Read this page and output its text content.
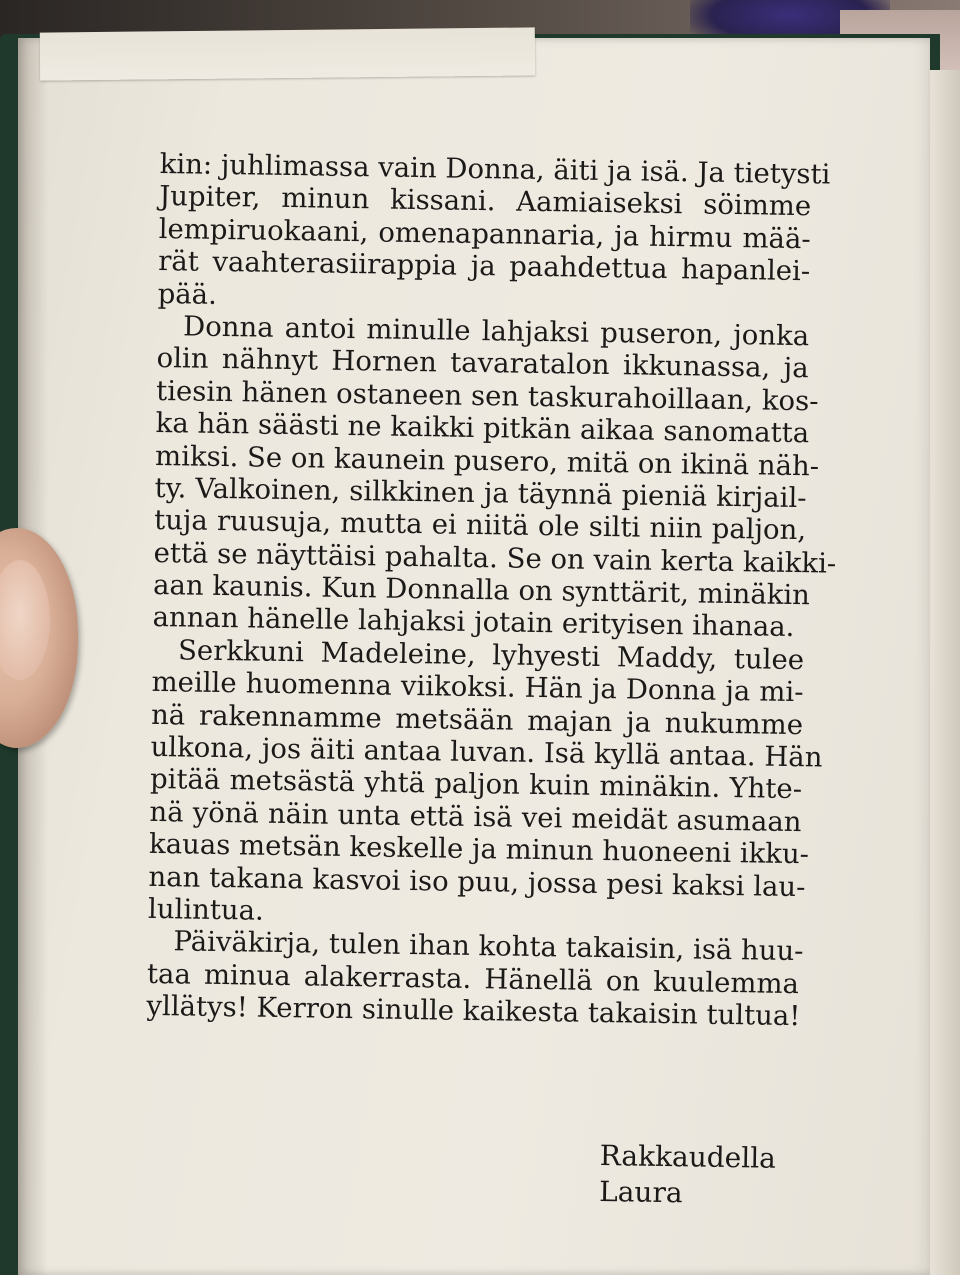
kin: juhlimassa vain Donna, äiti ja isä. Ja tietysti
Jupiter, minun kissani. Aamiaiseksi söimme
lempiruokaani, omenapannaria, ja hirmu mää-
rät vaahterasiirappia ja paahdettua hapanlei-
pää.
Donna antoi minulle lahjaksi puseron, jonka
olin nähnyt Hornen tavaratalon ikkunassa, ja
tiesin hänen ostaneen sen taskurahoillaan, kos-
ka hän säästi ne kaikki pitkän aikaa sanomatta
miksi. Se on kaunein pusero, mitä on ikinä näh-
ty. Valkoinen, silkkinen ja täynnä pieniä kirjail-
tuja ruusuja, mutta ei niitä ole silti niin paljon,
että se näyttäisi pahalta. Se on vain kerta kaikki-
aan kaunis. Kun Donnalla on synttärit, minäkin
annan hänelle lahjaksi jotain erityisen ihanaa.
Serkkuni Madeleine, lyhyesti Maddy, tulee
meille huomenna viikoksi. Hän ja Donna ja mi-
nä rakennamme metsään majan ja nukumme
ulkona, jos äiti antaa luvan. Isä kyllä antaa. Hän
pitää metsästä yhtä paljon kuin minäkin. Yhte-
nä yönä näin unta että isä vei meidät asumaan
kauas metsän keskelle ja minun huoneeni ikku-
nan takana kasvoi iso puu, jossa pesi kaksi lau-
lulintua.
Päiväkirja, tulen ihan kohta takaisin, isä huu-
taa minua alakerrasta. Hänellä on kuulemma
yllätys! Kerron sinulle kaikesta takaisin tultua!
Rakkaudella
Laura
